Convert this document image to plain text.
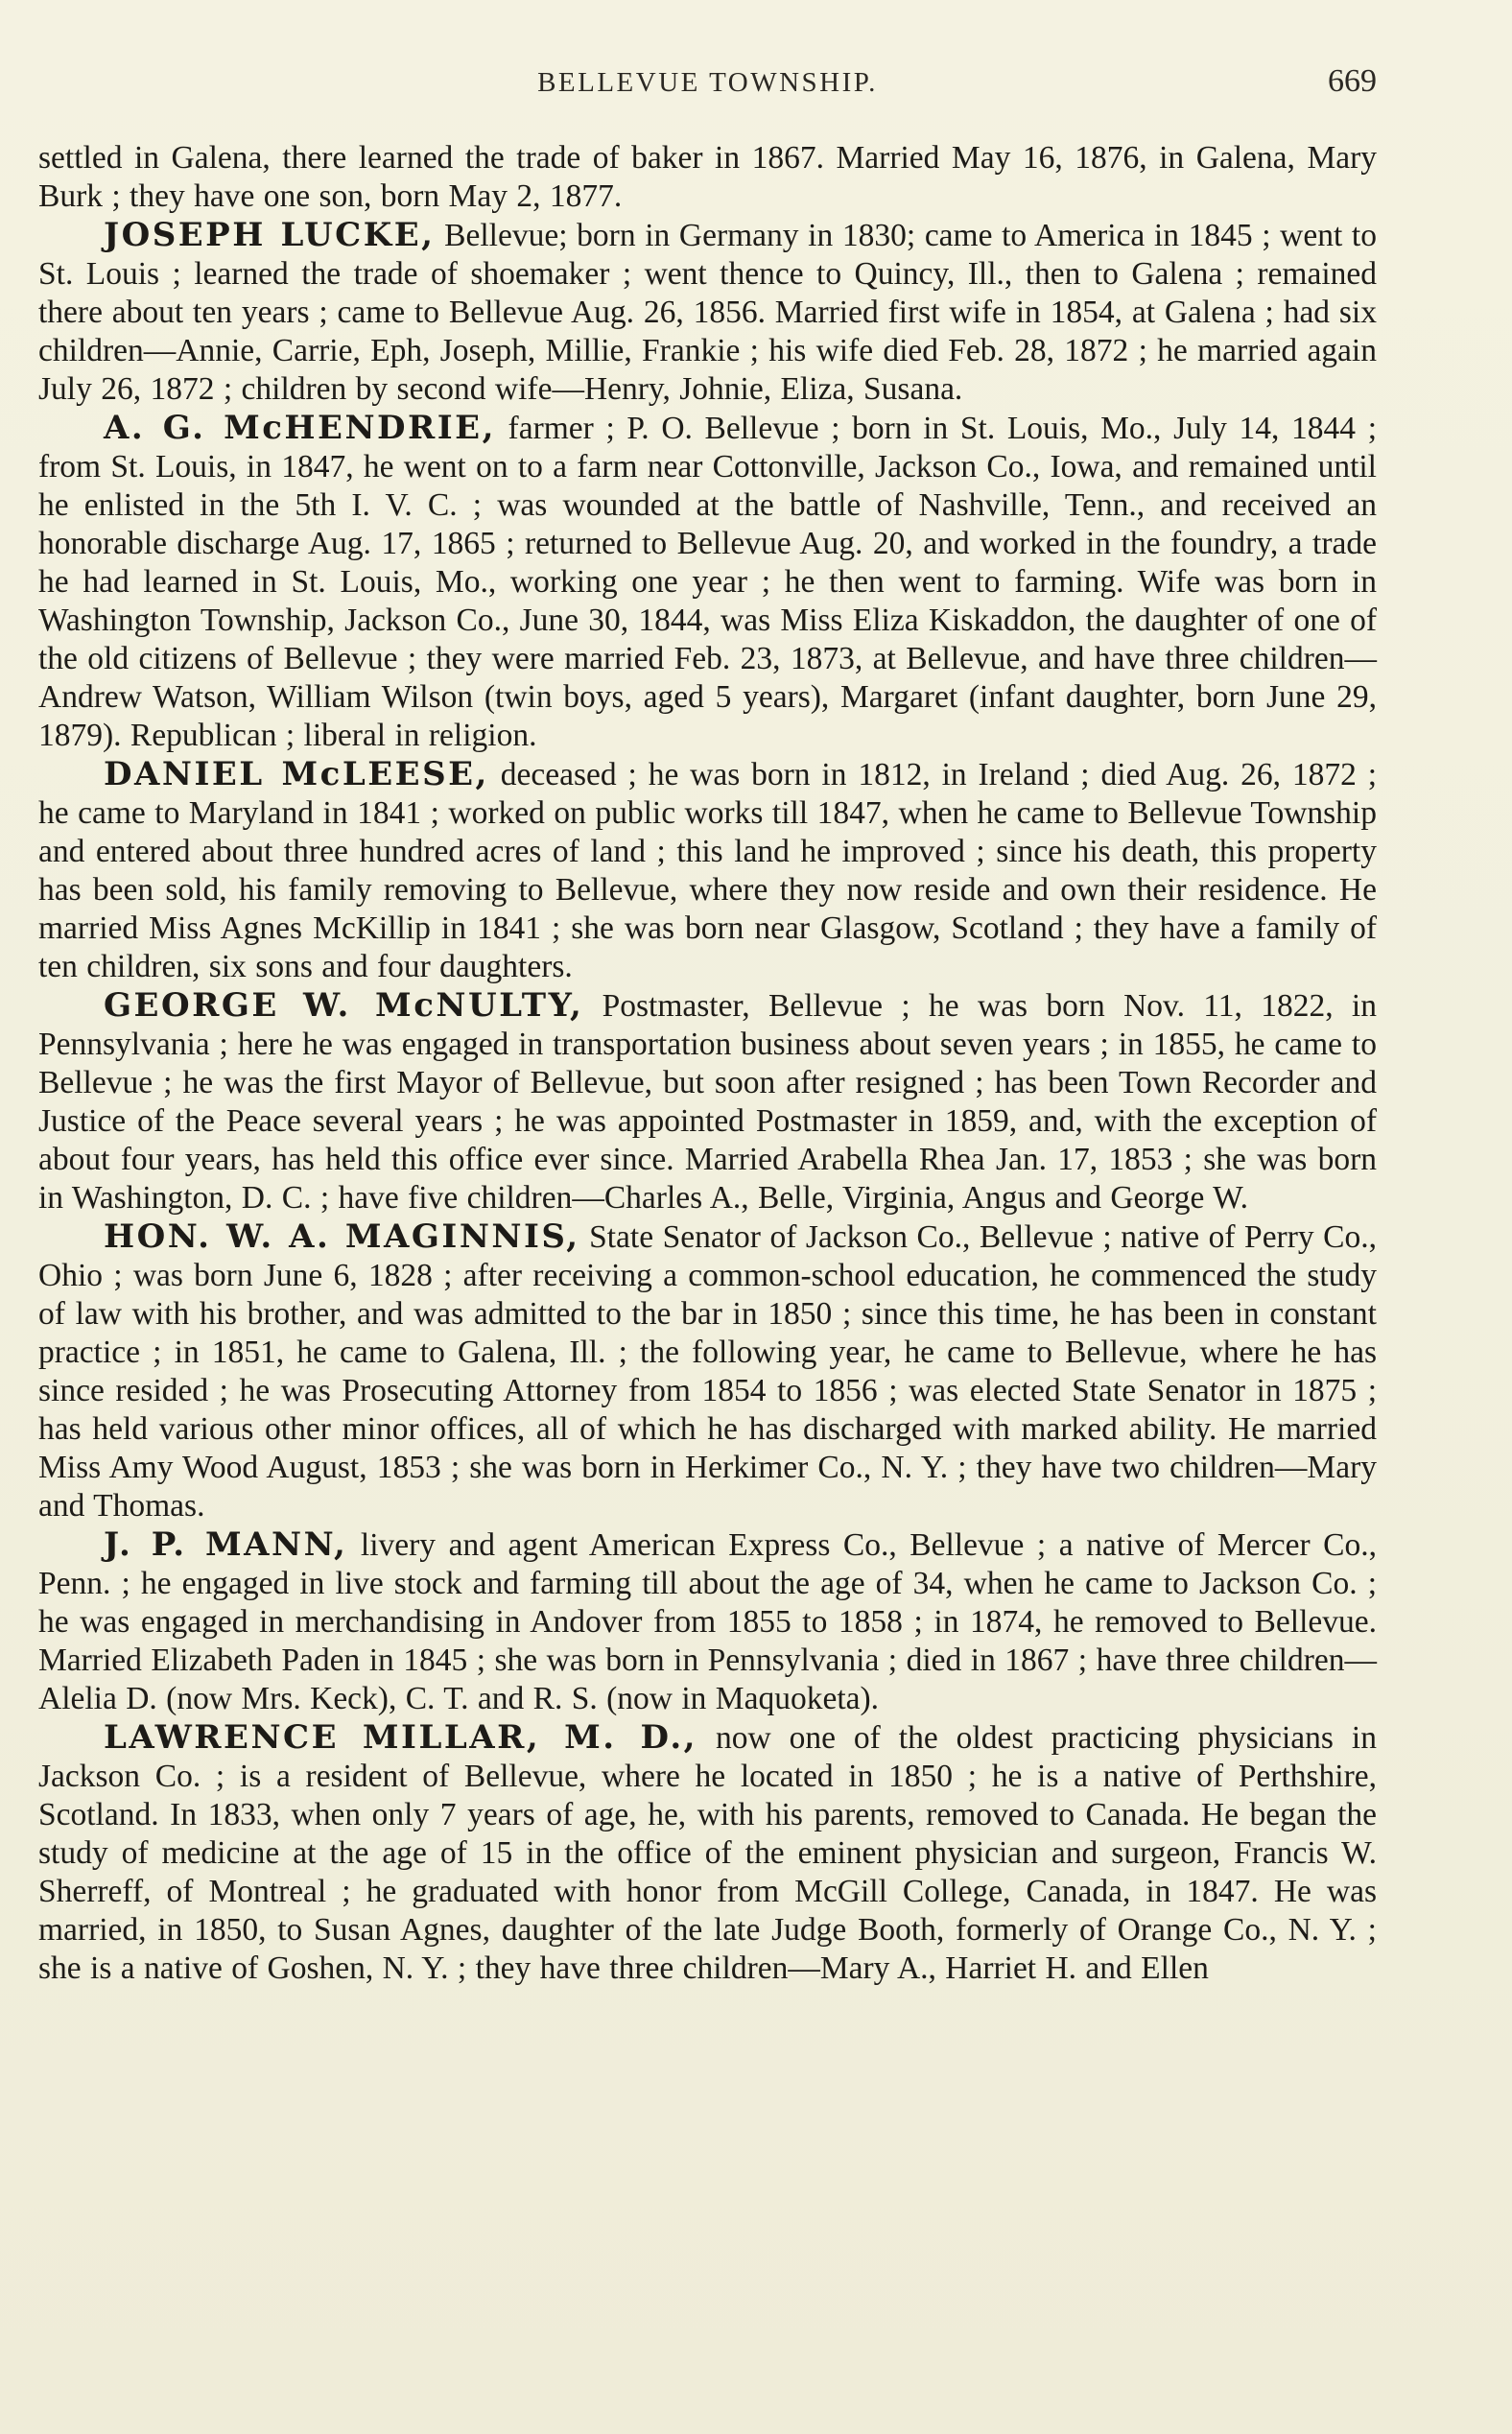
BELLEVUE TOWNSHIP.	669

settled in Galena, there learned the trade of baker in 1867. Married May 16, 1876, in Galena, Mary Burk ; they have one son, born May 2, 1877.

JOSEPH LUCKE, Bellevue; born in Germany in 1830; came to America in 1845 ; went to St. Louis ; learned the trade of shoemaker ; went thence to Quincy, Ill., then to Galena ; remained there about ten years ; came to Bellevue Aug. 26, 1856. Married first wife in 1854, at Galena ; had six children—Annie, Carrie, Eph, Joseph, Millie, Frankie ; his wife died Feb. 28, 1872 ; he married again July 26, 1872 ; children by second wife—Henry, Johnie, Eliza, Susana.

A. G. McHENDRIE, farmer ; P. O. Bellevue ; born in St. Louis, Mo., July 14, 1844 ; from St. Louis, in 1847, he went on to a farm near Cottonville, Jackson Co., Iowa, and remained until he enlisted in the 5th I. V. C. ; was wounded at the battle of Nashville, Tenn., and received an honorable discharge Aug. 17, 1865 ; returned to Bellevue Aug. 20, and worked in the foundry, a trade he had learned in St. Louis, Mo., working one year ; he then went to farming. Wife was born in Washington Township, Jackson Co., June 30, 1844, was Miss Eliza Kiskaddon, the daughter of one of the old citizens of Bellevue ; they were married Feb. 23, 1873, at Bellevue, and have three children—Andrew Watson, William Wilson (twin boys, aged 5 years), Margaret (infant daughter, born June 29, 1879). Republican ; liberal in religion.

DANIEL McLEESE, deceased ; he was born in 1812, in Ireland ; died Aug. 26, 1872 ; he came to Maryland in 1841 ; worked on public works till 1847, when he came to Bellevue Township and entered about three hundred acres of land ; this land he improved ; since his death, this property has been sold, his family removing to Bellevue, where they now reside and own their residence. He married Miss Agnes McKillip in 1841 ; she was born near Glasgow, Scotland ; they have a family of ten children, six sons and four daughters.

GEORGE W. McNULTY, Postmaster, Bellevue ; he was born Nov. 11, 1822, in Pennsylvania ; here he was engaged in transportation business about seven years ; in 1855, he came to Bellevue ; he was the first Mayor of Bellevue, but soon after resigned ; has been Town Recorder and Justice of the Peace several years ; he was appointed Postmaster in 1859, and, with the exception of about four years, has held this office ever since. Married Arabella Rhea Jan. 17, 1853 ; she was born in Washington, D. C. ; have five children—Charles A., Belle, Virginia, Angus and George W.

HON. W. A. MAGINNIS, State Senator of Jackson Co., Bellevue ; native of Perry Co., Ohio ; was born June 6, 1828 ; after receiving a common-school education, he commenced the study of law with his brother, and was admitted to the bar in 1850 ; since this time, he has been in constant practice ; in 1851, he came to Galena, Ill. ; the following year, he came to Bellevue, where he has since resided ; he was Prosecuting Attorney from 1854 to 1856 ; was elected State Senator in 1875 ; has held various other minor offices, all of which he has discharged with marked ability. He married Miss Amy Wood August, 1853 ; she was born in Herkimer Co., N. Y. ; they have two children—Mary and Thomas.

J. P. MANN, livery and agent American Express Co., Bellevue ; a native of Mercer Co., Penn. ; he engaged in live stock and farming till about the age of 34, when he came to Jackson Co. ; he was engaged in merchandising in Andover from 1855 to 1858 ; in 1874, he removed to Bellevue. Married Elizabeth Paden in 1845 ; she was born in Pennsylvania ; died in 1867 ; have three children—Alelia D. (now Mrs. Keck), C. T. and R. S. (now in Maquoketa).

LAWRENCE MILLAR, M. D., now one of the oldest practicing physicians in Jackson Co. ; is a resident of Bellevue, where he located in 1850 ; he is a native of Perthshire, Scotland. In 1833, when only 7 years of age, he, with his parents, removed to Canada. He began the study of medicine at the age of 15 in the office of the eminent physician and surgeon, Francis W. Sherreff, of Montreal ; he graduated with honor from McGill College, Canada, in 1847. He was married, in 1850, to Susan Agnes, daughter of the late Judge Booth, formerly of Orange Co., N. Y. ; she is a native of Goshen, N. Y. ; they have three children—Mary A., Harriet H. and Ellen
